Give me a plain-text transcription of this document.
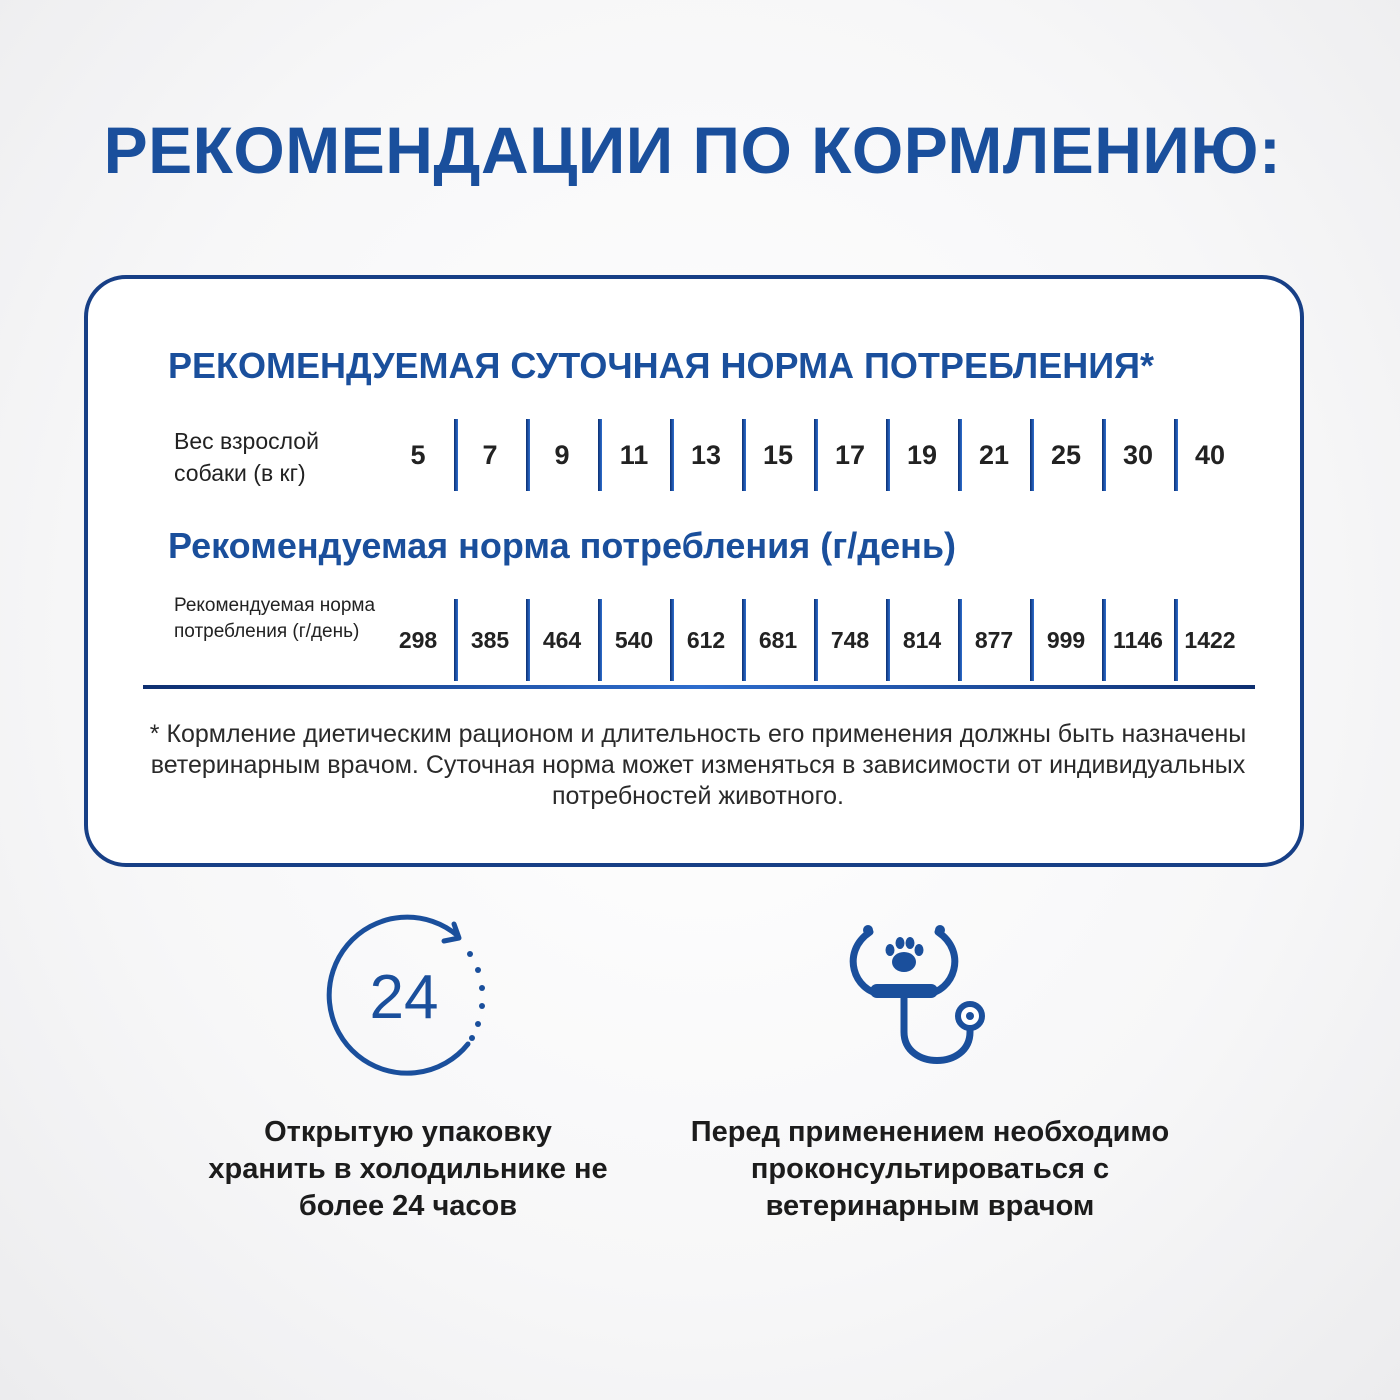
РЕКОМЕНДАЦИИ ПО КОРМЛЕНИЮ:
РЕКОМЕНДУЕМАЯ СУТОЧНАЯ НОРМА ПОТРЕБЛЕНИЯ*
Вес взрослой собаки (в кг)
5	7	9	11	13	15	17	19	21	25	30	40
Рекомендуемая норма потребления (г/день)
Рекомендуемая норма потребления (г/день)	298	385	464	540	612	681	748	814	877	999	1146 1422
* Кормление диетическим рационом и длительность его применения должны быть назначены ветеринарным врачом. Суточная норма может изменяться в зависимости от индивидуальных потребностей животного.
24
Открытую упаковку хранить в холодильнике не более 24 часов
Перед применением необходимо проконсультироваться с ветеринарным врачом
